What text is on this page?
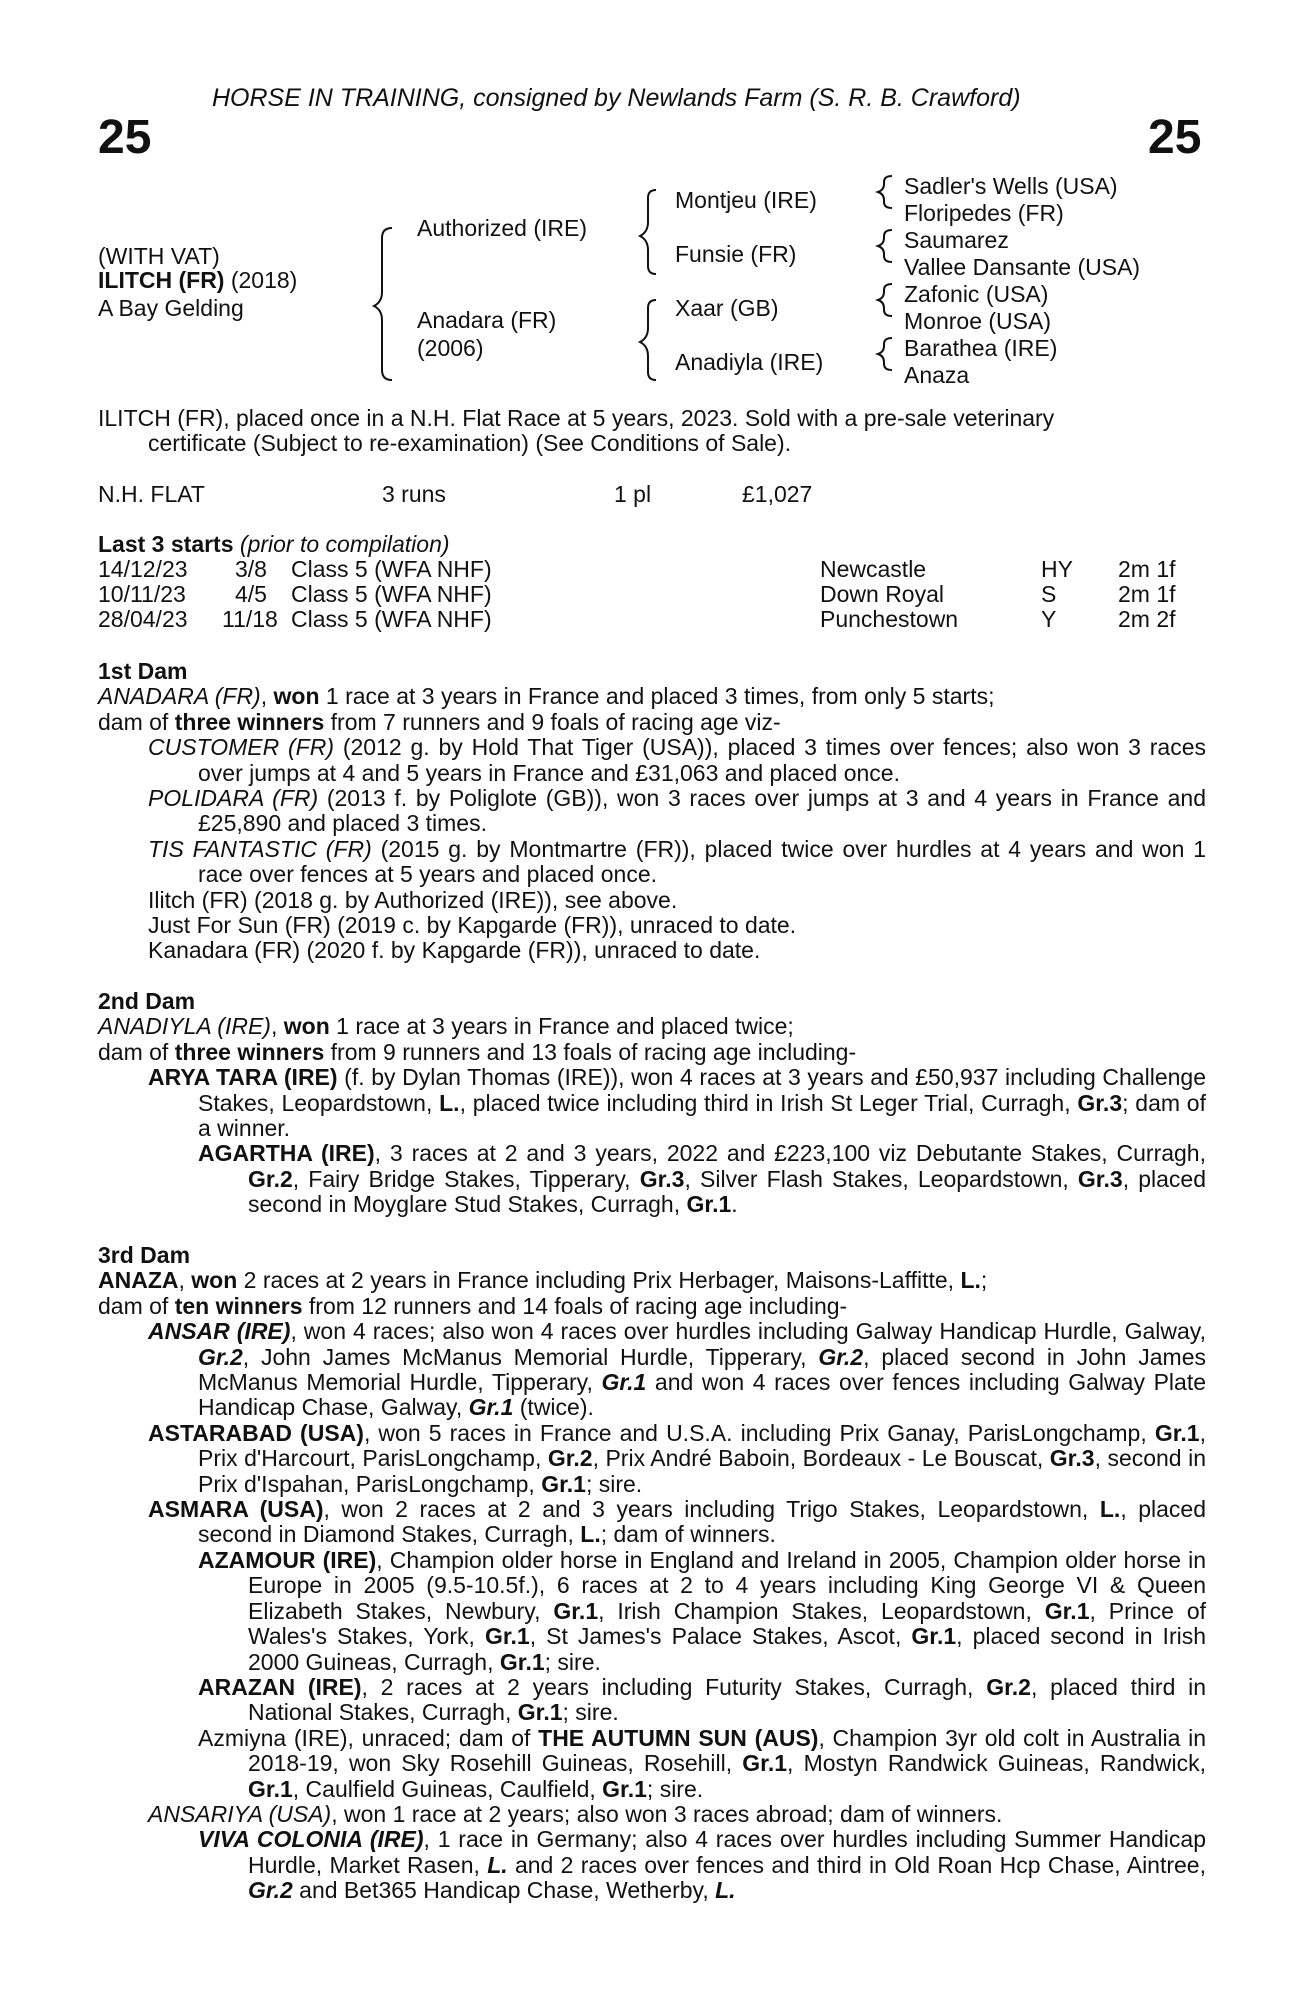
HORSE IN TRAINING, consigned by Newlands Farm (S. R. B. Crawford)
25	25
(WITH VAT)
ILITCH (FR) (2018)
A Bay Gelding
Authorized (IRE)
Anadara (FR)
(2006)
Montjeu (IRE)
Funsie (FR)
Xaar (GB)
Anadiyla (IRE)
Sadler's Wells (USA)
Floripedes (FR)
Saumarez
Vallee Dansante (USA)
Zafonic (USA)
Monroe (USA)
Barathea (IRE)
Anaza
ILITCH (FR), placed once in a N.H. Flat Race at 5 years, 2023. Sold with a pre-sale veterinary
certificate (Subject to re-examination) (See Conditions of Sale).
N.H. FLAT	3 runs	1 pl	£1,027
Last 3 starts (prior to compilation)
14/12/23 3/8 Class 5 (WFA NHF)	Newcastle	HY 2m 1f
10/11/23 4/5 Class 5 (WFA NHF)	Down Royal	S	2m 1f
28/04/23 11/18 Class 5 (WFA NHF)	Punchestown	Y	2m 2f

1st Dam

ANADARA (FR), won 1 race at 3 years in France and placed 3 times, from only 5 starts;

dam of three winners from 7 runners and 9 foals of racing age viz-

CUSTOMER (FR) (2012 g. by Hold That Tiger (USA)), placed 3 times over fences; also won 3 races over jumps at 4 and 5 years in France and £31,063 and placed once.

POLIDARA (FR) (2013 f. by Poliglote (GB)), won 3 races over jumps at 3 and 4 years in France and £25,890 and placed 3 times.

TIS FANTASTIC (FR) (2015 g. by Montmartre (FR)), placed twice over hurdles at 4 years and won 1 race over fences at 5 years and placed once.

Ilitch (FR) (2018 g. by Authorized (IRE)), see above.

Just For Sun (FR) (2019 c. by Kapgarde (FR)), unraced to date.

Kanadara (FR) (2020 f. by Kapgarde (FR)), unraced to date.

2nd Dam

ANADIYLA (IRE), won 1 race at 3 years in France and placed twice;

dam of three winners from 9 runners and 13 foals of racing age including-

ARYA TARA (IRE) (f. by Dylan Thomas (IRE)), won 4 races at 3 years and £50,937 including Challenge Stakes, Leopardstown, L., placed twice including third in Irish St Leger Trial, Curragh, Gr.3; dam of a winner.

AGARTHA (IRE), 3 races at 2 and 3 years, 2022 and £223,100 viz Debutante Stakes, Curragh, Gr.2, Fairy Bridge Stakes, Tipperary, Gr.3, Silver Flash Stakes, Leopardstown, Gr.3, placed second in Moyglare Stud Stakes, Curragh, Gr.1.

3rd Dam

ANAZA, won 2 races at 2 years in France including Prix Herbager, Maisons-Laffitte, L.;

dam of ten winners from 12 runners and 14 foals of racing age including-

ANSAR (IRE), won 4 races; also won 4 races over hurdles including Galway Handicap Hurdle, Galway, Gr.2, John James McManus Memorial Hurdle, Tipperary, Gr.2, placed second in John James McManus Memorial Hurdle, Tipperary, Gr.1 and won 4 races over fences including Galway Plate Handicap Chase, Galway, Gr.1 (twice).

ASTARABAD (USA), won 5 races in France and U.S.A. including Prix Ganay, ParisLongchamp, Gr.1, Prix d'Harcourt, ParisLongchamp, Gr.2, Prix André Baboin, Bordeaux - Le Bouscat, Gr.3, second in Prix d'Ispahan, ParisLongchamp, Gr.1; sire.

ASMARA (USA), won 2 races at 2 and 3 years including Trigo Stakes, Leopardstown, L., placed second in Diamond Stakes, Curragh, L.; dam of winners.

AZAMOUR (IRE), Champion older horse in England and Ireland in 2005, Champion older horse in Europe in 2005 (9.5-10.5f.), 6 races at 2 to 4 years including King George VI & Queen Elizabeth Stakes, Newbury, Gr.1, Irish Champion Stakes, Leopardstown, Gr.1, Prince of Wales's Stakes, York, Gr.1, St James's Palace Stakes, Ascot, Gr.1, placed second in Irish 2000 Guineas, Curragh, Gr.1; sire.

ARAZAN (IRE), 2 races at 2 years including Futurity Stakes, Curragh, Gr.2, placed third in National Stakes, Curragh, Gr.1; sire.

Azmiyna (IRE), unraced; dam of THE AUTUMN SUN (AUS), Champion 3yr old colt in Australia in 2018-19, won Sky Rosehill Guineas, Rosehill, Gr.1, Mostyn Randwick Guineas, Randwick, Gr.1, Caulfield Guineas, Caulfield, Gr.1; sire.

ANSARIYA (USA), won 1 race at 2 years; also won 3 races abroad; dam of winners.

VIVA COLONIA (IRE), 1 race in Germany; also 4 races over hurdles including Summer Handicap Hurdle, Market Rasen, L. and 2 races over fences and third in Old Roan Hcp Chase, Aintree, Gr.2 and Bet365 Handicap Chase, Wetherby, L.
